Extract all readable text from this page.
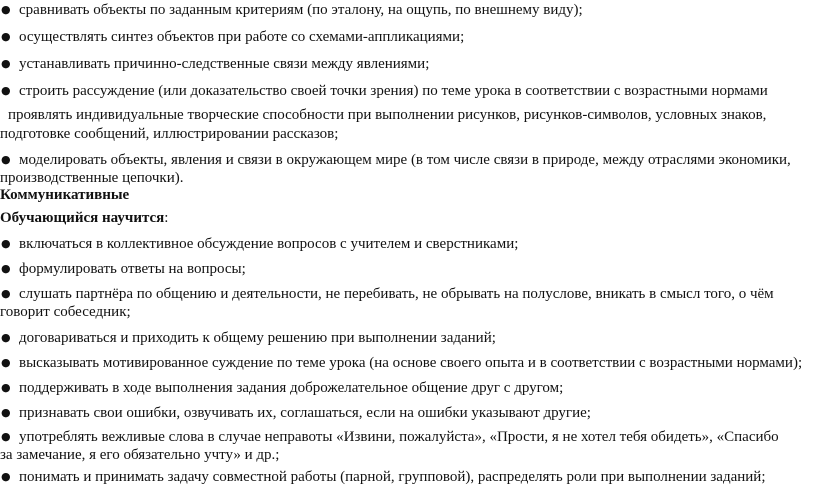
● сравнивать объекты по заданным критериям (по эталону, на ощупь, по внешнему виду);
● осуществлять синтез объектов при работе со схемами-аппликациями;
● устанавливать причинно-следственные связи между явлениями;
● строить рассуждение (или доказательство своей точки зрения) по теме урока в соответствии с возрастными нормами
проявлять индивидуальные творческие способности при выполнении рисунков, рисунков-символов, условных знаков,
подготовке сообщений, иллюстрировании рассказов;
● моделировать объекты, явления и связи в окружающем мире (в том числе связи в природе, между отраслями экономики,
производственные цепочки).
Коммуникативные
Обучающийся научится:
● включаться в коллективное обсуждение вопросов с учителем и сверстниками;
● формулировать ответы на вопросы;
● слушать партнёра по общению и деятельности, не перебивать, не обрывать на полуслове, вникать в смысл того, о чём
говорит собеседник;
● договариваться и приходить к общему решению при выполнении заданий;
● высказывать мотивированное суждение по теме урока (на основе своего опыта и в соответствии с возрастными нормами);
● поддерживать в ходе выполнения задания доброжелательное общение друг с другом;
● признавать свои ошибки, озвучивать их, соглашаться, если на ошибки указывают другие;
● употреблять вежливые слова в случае неправоты «Извини, пожалуйста», «Прости, я не хотел тебя обидеть», «Спасибо
за замечание, я его обязательно учту» и др.;
● понимать и принимать задачу совместной работы (парной, групповой), распределять роли при выполнении заданий;
